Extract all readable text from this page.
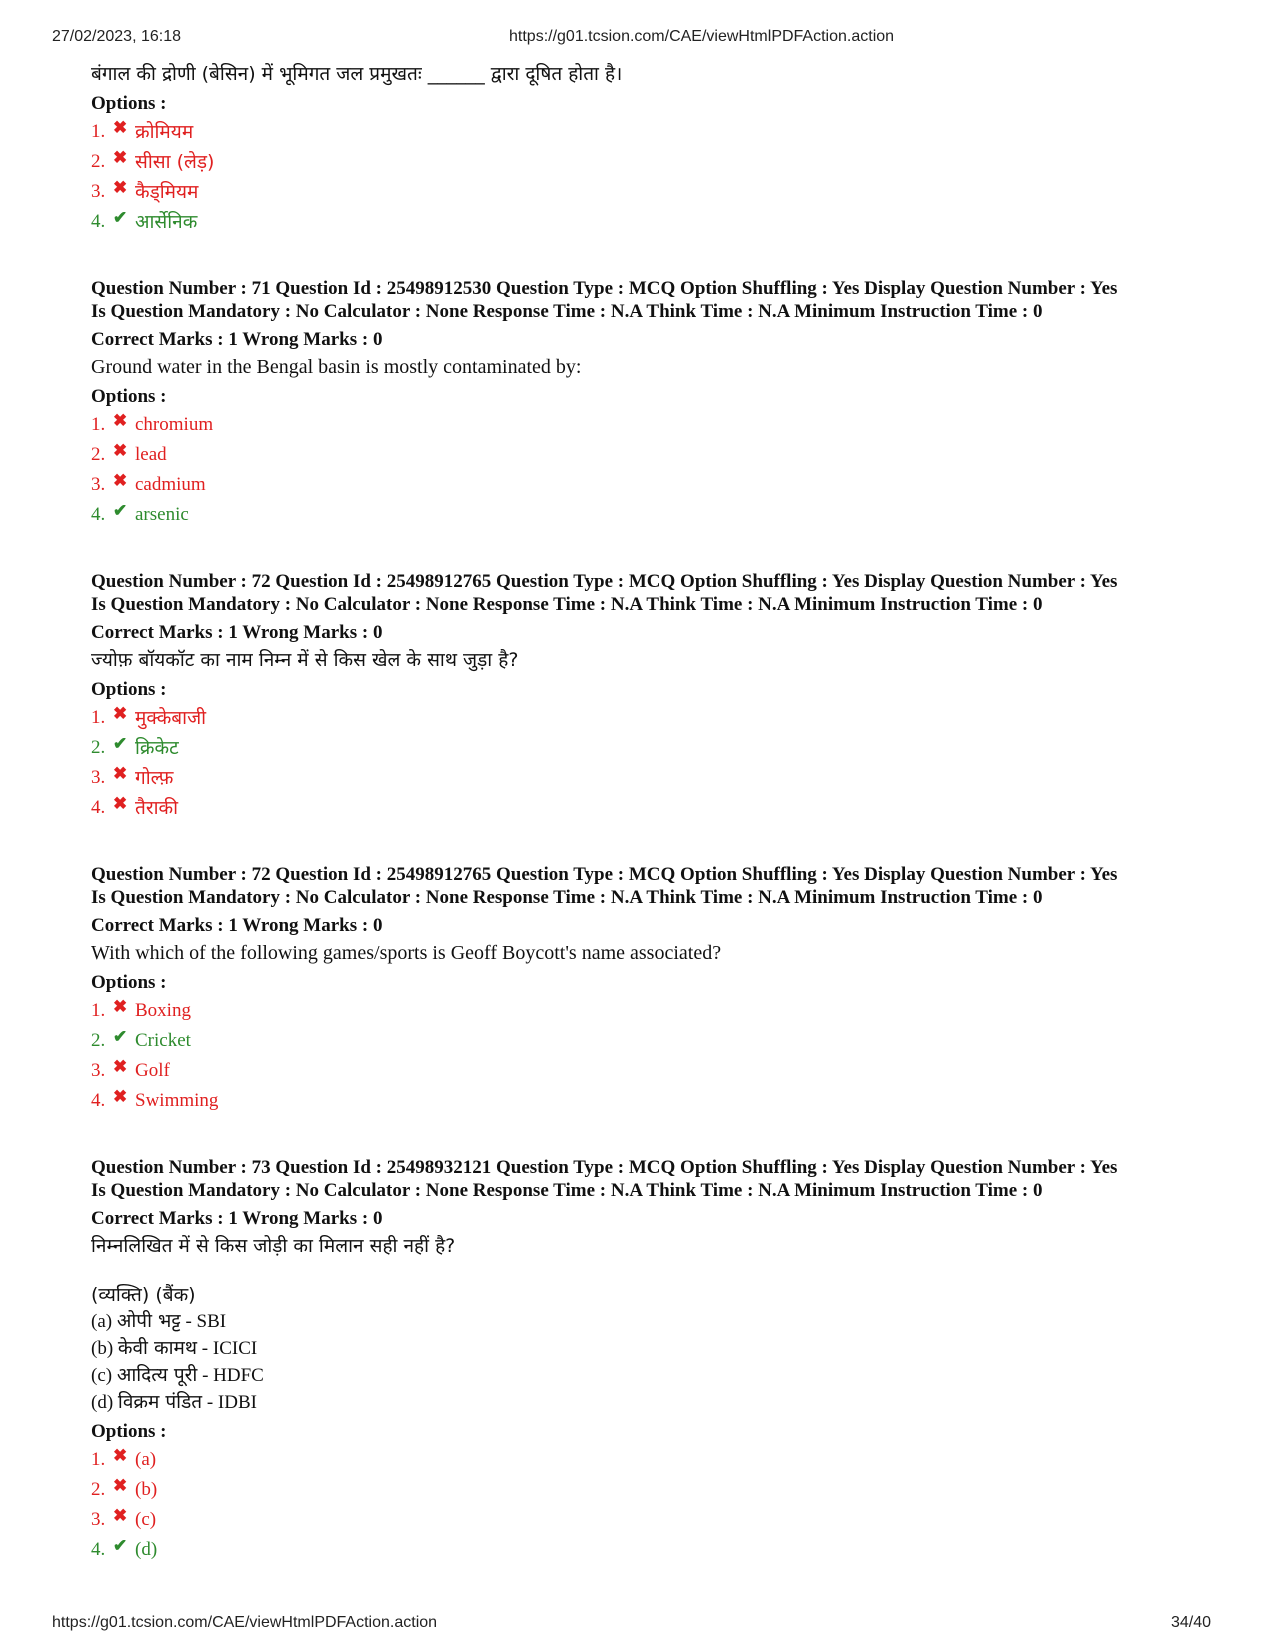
27/02/2023, 16:18	https://g01.tcsion.com/CAE/viewHtmlPDFAction.action

बंगाल की द्रोणी (बेसिन) में भूमिगत जल प्रमुखतः ______ द्वारा दूषित होता है।

Options :
1. ✖ क्रोमियम
2. ✖ सीसा (लेड़)
3. ✖ कैड्मियम
4. ✔ आर्सेनिक

Question Number : 71 Question Id : 25498912530 Question Type : MCQ Option Shuffling : Yes Display Question Number : Yes

Is Question Mandatory : No Calculator : None Response Time : N.A Think Time : N.A Minimum Instruction Time : 0

Correct Marks : 1 Wrong Marks : 0

Ground water in the Bengal basin is mostly contaminated by:

Options :
1. ✖ chromium
2. ✖ lead
3. ✖ cadmium
4. ✔ arsenic

Question Number : 72 Question Id : 25498912765 Question Type : MCQ Option Shuffling : Yes Display Question Number : Yes

Is Question Mandatory : No Calculator : None Response Time : N.A Think Time : N.A Minimum Instruction Time : 0

Correct Marks : 1 Wrong Marks : 0

ज्योफ़ बॉयकॉट का नाम निम्न में से किस खेल के साथ जुड़ा है?

Options :
1. ✖ मुक्केबाजी
2. ✔ क्रिकेट
3. ✖ गोल्फ़
4. ✖ तैराकी

Question Number : 72 Question Id : 25498912765 Question Type : MCQ Option Shuffling : Yes Display Question Number : Yes

Is Question Mandatory : No Calculator : None Response Time : N.A Think Time : N.A Minimum Instruction Time : 0

Correct Marks : 1 Wrong Marks : 0

With which of the following games/sports is Geoff Boycott's name associated?

Options :
1. ✖ Boxing
2. ✔ Cricket
3. ✖ Golf
4. ✖ Swimming

Question Number : 73 Question Id : 25498932121 Question Type : MCQ Option Shuffling : Yes Display Question Number : Yes

Is Question Mandatory : No Calculator : None Response Time : N.A Think Time : N.A Minimum Instruction Time : 0

Correct Marks : 1 Wrong Marks : 0

निम्नलिखित में से किस जोड़ी का मिलान सही नहीं है?

(व्यक्ति) (बैंक)
(a) ओपी भट्ट - SBI
(b) केवी कामथ - ICICI
(c) आदित्य पूरी - HDFC
(d) विक्रम पंडित - IDBI
Options :
1. ✖ (a)
2. ✖ (b)
3. ✖ (c)
4. ✔ (d)
https://g01.tcsion.com/CAE/viewHtmlPDFAction.action	34/40
